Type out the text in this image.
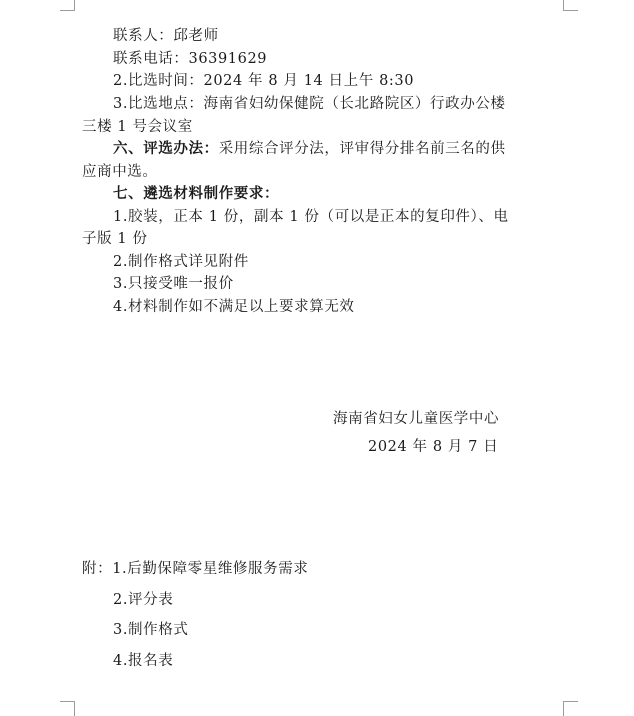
联系人：邱老师
联系电话：36391629
2.比选时间：2024 年 8 月 14 日上午 8:30
3.比选地点：海南省妇幼保健院（长北路院区）行政办公楼
三楼 1 号会议室
六、评选办法：采用综合评分法，评审得分排名前三名的供
应商中选。
七、遴选材料制作要求：
1.胶装，正本 1 份，副本 1 份（可以是正本的复印件）、电
子版 1 份
2.制作格式详见附件
3.只接受唯一报价
4.材料制作如不满足以上要求算无效
海南省妇女儿童医学中心
2024 年 8 月 7 日
附：1.后勤保障零星维修服务需求
2.评分表
3.制作格式
4.报名表
